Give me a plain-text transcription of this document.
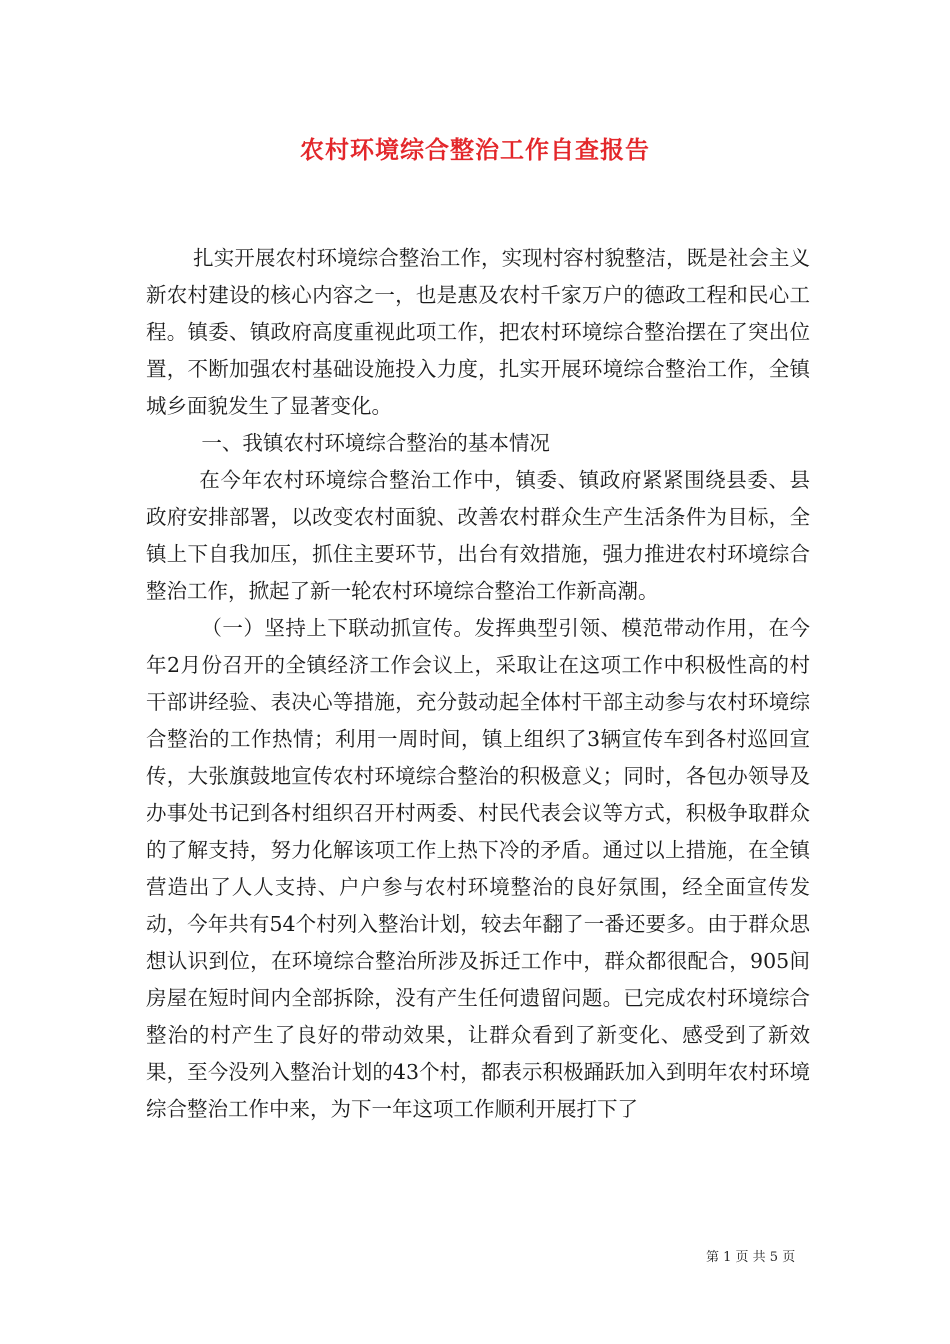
农村环境综合整治工作自查报告

扎实开展农村环境综合整治工作，实现村容村貌整洁，既是社会主义新农村建设的核心内容之一，也是惠及农村千家万户的德政工程和民心工程。镇委、镇政府高度重视此项工作，把农村环境综合整治摆在了突出位置，不断加强农村基础设施投入力度，扎实开展环境综合整治工作，全镇城乡面貌发生了显著变化。

一、我镇农村环境综合整治的基本情况

在今年农村环境综合整治工作中，镇委、镇政府紧紧围绕县委、县政府安排部署，以改变农村面貌、改善农村群众生产生活条件为目标，全镇上下自我加压，抓住主要环节，出台有效措施，强力推进农村环境综合整治工作，掀起了新一轮农村环境综合整治工作新高潮。

（一）坚持上下联动抓宣传。发挥典型引领、模范带动作用，在今年2月份召开的全镇经济工作会议上，采取让在这项工作中积极性高的村干部讲经验、表决心等措施，充分鼓动起全体村干部主动参与农村环境综合整治的工作热情；利用一周时间，镇上组织了3辆宣传车到各村巡回宣传，大张旗鼓地宣传农村环境综合整治的积极意义；同时，各包办领导及办事处书记到各村组织召开村两委、村民代表会议等方式，积极争取群众的了解支持，努力化解该项工作上热下冷的矛盾。通过以上措施，在全镇营造出了人人支持、户户参与农村环境整治的良好氛围，经全面宣传发动，今年共有54个村列入整治计划，较去年翻了一番还要多。由于群众思想认识到位，在环境综合整治所涉及拆迁工作中，群众都很配合，905间房屋在短时间内全部拆除，没有产生任何遗留问题。已完成农村环境综合整治的村产生了良好的带动效果，让群众看到了新变化、感受到了新效果，至今没列入整治计划的43个村，都表示积极踊跃加入到明年农村环境综合整治工作中来，为下一年这项工作顺利开展打下了

第 1 页 共 5 页
